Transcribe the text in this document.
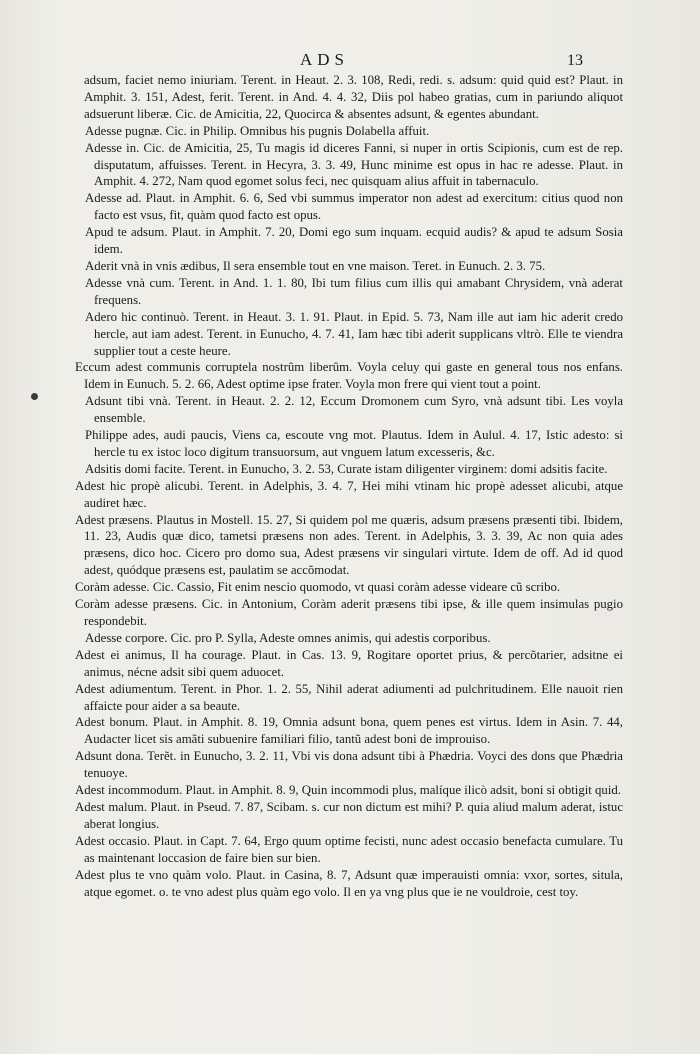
ADS	13

adsum, faciet nemo iniuriam. Terent. in Heaut. 2. 3. 108, Redi, redi. s. adsum: quid quid est? Plaut. in Amphit. 3. 151, Adest, ferit. Terent. in And. 4. 4. 32, Diis pol habeo gratias, cum in pariundo aliquot adsuerunt liberæ. Cic. de Amicitia, 22, Quocirca & absentes adsunt, & egentes abundant.

Adesse pugnæ. Cic. in Philip. Omnibus his pugnis Dolabella affuit.

Adesse in. Cic. de Amicitia, 25, Tu magis id diceres Fanni, si nuper in ortis Scipionis, cum est de rep. disputatum, affuisses. Terent. in Hecyra, 3. 3. 49, Hunc minime est opus in hac re adesse. Plaut. in Amphit. 4. 272, Nam quod egomet solus feci, nec quisquam alius affuit in tabernaculo.

Adesse ad. Plaut. in Amphit. 6. 6, Sed vbi summus imperator non adest ad exercitum: citius quod non facto est vsus, fit, quàm quod facto est opus.

Apud te adsum. Plaut. in Amphit. 7. 20, Domi ego sum inquam. ecquid audis? & apud te adsum Sosia idem.

Aderit vnà in vnis ædibus, Il sera ensemble tout en vne maison. Teret. in Eunuch. 2. 3. 75.

Adesse vnà cum. Terent. in And. 1. 1. 80, Ibi tum filius cum illis qui amabant Chrysidem, vnà aderat frequens.

Adero hic continuò. Terent. in Heaut. 3. 1. 91. Plaut. in Epid. 5. 73, Nam ille aut iam hic aderit credo hercle, aut iam adest. Terent. in Eunucho, 4. 7. 41, Iam hæc tibi aderit supplicans vltrò. Elle te viendra supplier tout a ceste heure.

Eccum adest communis corruptela nostrûm liberûm. Voyla celuy qui gaste en general tous nos enfans. Idem in Eunuch. 5. 2. 66, Adest optime ipse frater. Voyla mon frere qui vient tout a point.

Adsunt tibi vnà. Terent. in Heaut. 2. 2. 12, Eccum Dromonem cum Syro, vnà adsunt tibi. Les voyla ensemble.

Philippe ades, audi paucis, Viens ca, escoute vng mot. Plautus. Idem in Aulul. 4. 17, Istic adesto: si hercle tu ex istoc loco digitum transuorsum, aut vnguem latum excesseris, &c.

Adsitis domi facite. Terent. in Eunucho, 3. 2. 53, Curate istam diligenter virginem: domi adsitis facite.

Adest hic propè alicubi. Terent. in Adelphis, 3. 4. 7, Hei mihi vtinam hic propè adesset alicubi, atque audiret hæc.

Adest præsens. Plautus in Mostell. 15. 27, Si quidem pol me quæris, adsum præsens præsenti tibi. Ibidem, 11. 23, Audis quæ dico, tametsi præsens non ades. Terent. in Adelphis, 3. 3. 39, Ac non quia ades præsens, dico hoc. Cicero pro domo sua, Adest præsens vir singulari virtute. Idem de off. Ad id quod adest, quódque præsens est, paulatim se accõmodat.

Coràm adesse. Cic. Cassio, Fit enim nescio quomodo, vt quasi coràm adesse videare cũ scribo.

Coràm adesse præsens. Cic. in Antonium, Coràm aderit præsens tibi ipse, & ille quem insimulas pugio respondebit.

Adesse corpore. Cic. pro P. Sylla, Adeste omnes animis, qui adestis corporibus.

Adest ei animus, Il ha courage. Plaut. in Cas. 13. 9, Rogitare oportet prius, & percõtarier, adsitne ei animus, nécne adsit sibi quem aduocet.

Adest adiumentum. Terent. in Phor. 1. 2. 55, Nihil aderat adiumenti ad pulchritudinem. Elle nauoit rien affaicte pour aider a sa beaute.

Adest bonum. Plaut. in Amphit. 8. 19, Omnia adsunt bona, quem penes est virtus. Idem in Asin. 7. 44, Audacter licet sis amãti subuenire familiari filio, tantũ adest boni de improuiso.

Adsunt dona. Terẽt. in Eunucho, 3. 2. 11, Vbi vis dona adsunt tibi à Phædria. Voyci des dons que Phædria tenuoye.

Adest incommodum. Plaut. in Amphit. 8. 9, Quin incommodi plus, malíque ilicò adsit, boni si obtigit quid.

Adest malum. Plaut. in Pseud. 7. 87, Scibam. s. cur non dictum est mihi? P. quia aliud malum aderat, istuc aberat longius.

Adest occasio. Plaut. in Capt. 7. 64, Ergo quum optime fecisti, nunc adest occasio benefacta cumulare. Tu as maintenant loccasion de faire bien sur bien.

Adest plus te vno quàm volo. Plaut. in Casina, 8. 7, Adsunt quæ imperauisti omnia: vxor, sortes, situla, atque egomet. o. te vno adest plus quàm ego volo. Il en ya vng plus que ie ne vouldroie, cest toy.
